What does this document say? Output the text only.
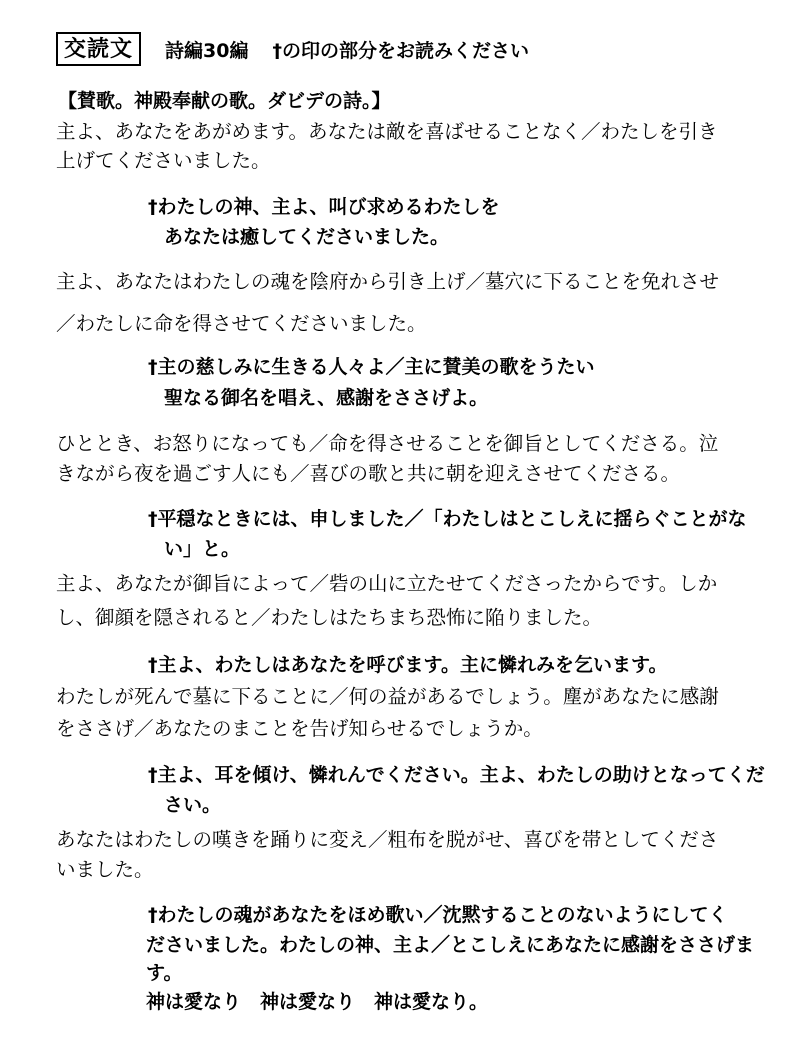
交読文	詩編30編 †の印の部分をお読みください
【賛歌。神殿奉献の歌。ダビデの詩。】
主よ、あなたをあがめます。あなたは敵を喜ばせることなく／わたしを引き
上げてくださいました。
†わたしの神、主よ、叫び求めるわたしを
あなたは癒してくださいました。
主よ、あなたはわたしの魂を陰府から引き上げ／墓穴に下ることを免れさせ
／わたしに命を得させてくださいました。
†主の慈しみに生きる人々よ／主に賛美の歌をうたい
聖なる御名を唱え、感謝をささげよ。
ひととき、お怒りになっても／命を得させることを御旨としてくださる。泣
きながら夜を過ごす人にも／喜びの歌と共に朝を迎えさせてくださる。
†平穏なときには、申しました／「わたしはとこしえに揺らぐことがな
い」と。
主よ、あなたが御旨によって／砦の山に立たせてくださったからです。しか
し、御顔を隠されると／わたしはたちまち恐怖に陥りました。
†主よ、わたしはあなたを呼びます。主に憐れみを乞います。
わたしが死んで墓に下ることに／何の益があるでしょう。塵があなたに感謝
をささげ／あなたのまことを告げ知らせるでしょうか。
†主よ、耳を傾け、憐れんでください。主よ、わたしの助けとなってくだ
さい。
あなたはわたしの嘆きを踊りに変え／粗布を脱がせ、喜びを帯としてくださ
いました。
†わたしの魂があなたをほめ歌い／沈黙することのないようにしてく
ださいました。わたしの神、主よ／とこしえにあなたに感謝をささげま
す。
神は愛なり　神は愛なり　神は愛なり。
